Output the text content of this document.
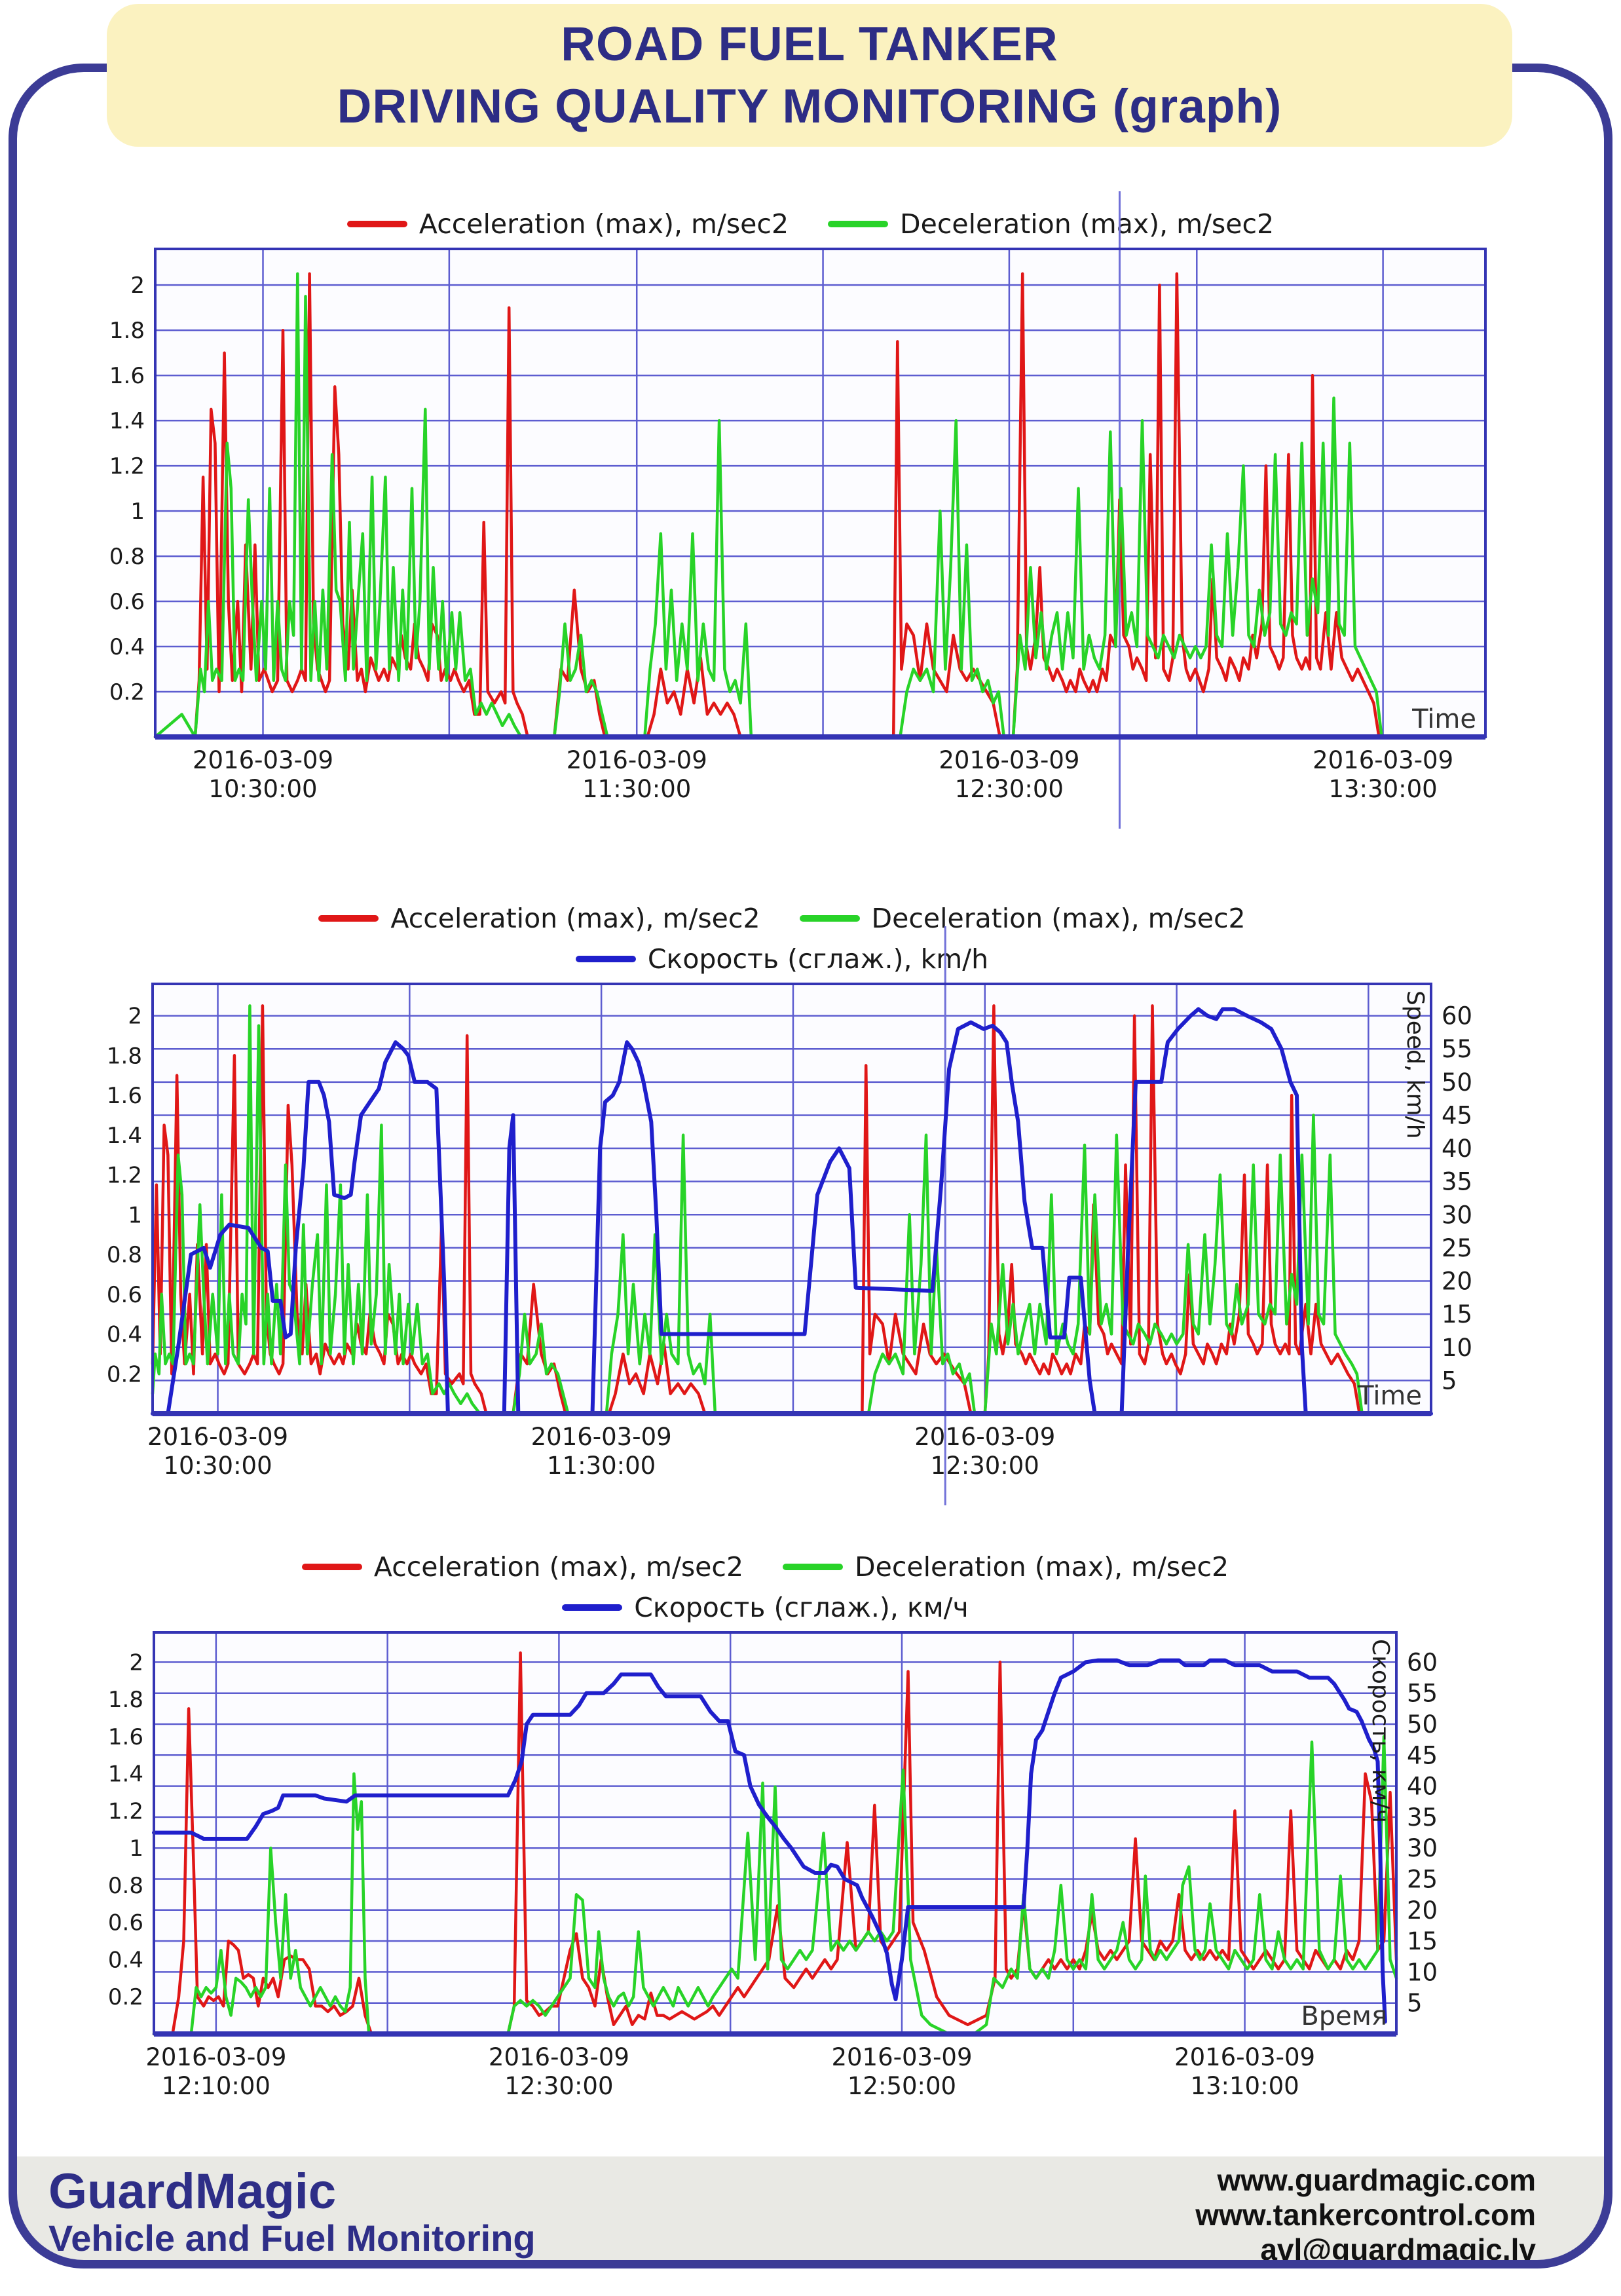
ROAD FUEL TANKER
DRIVING QUALITY MONITORING (graph)
Acceleration (max), m/sec2	Deceleration (max), m/sec2
0.2
0.4
0.6
0.8
1
1.2
1.4
1.6
1.8
2
2016-03-09 10:30:00
2016-03-09 11:30:00
2016-03-09 12:30:00
2016-03-09 13:30:00
Time
Acceleration (max), m/sec2	Deceleration (max), m/sec2
Скорость (сглаж.), km/h
0.2
0.4
0.6
0.8
1
1.2
1.4
1.6
1.8
2
5
10
15
20
25
30
35
40
45
50
55
60
Speed, km/h
2016-03-09 10:30:00
2016-03-09 11:30:00
2016-03-09 12:30:00
Time
Acceleration (max), m/sec2	Deceleration (max), m/sec2
Скорость (сглаж.), км/ч
0.2
0.4
0.6
0.8
1
1.2
1.4
1.6
1.8
2
5
10
15
20
25
30
35
40
45
50
55
60
Скорость, км/ч
2016-03-09 12:10:00
2016-03-09 12:30:00
2016-03-09 12:50:00
2016-03-09 13:10:00
Время
GuardMagic
Vehicle and Fuel Monitoring
www.guardmagic.com
www.tankercontrol.com
avl@guardmagic.lv
